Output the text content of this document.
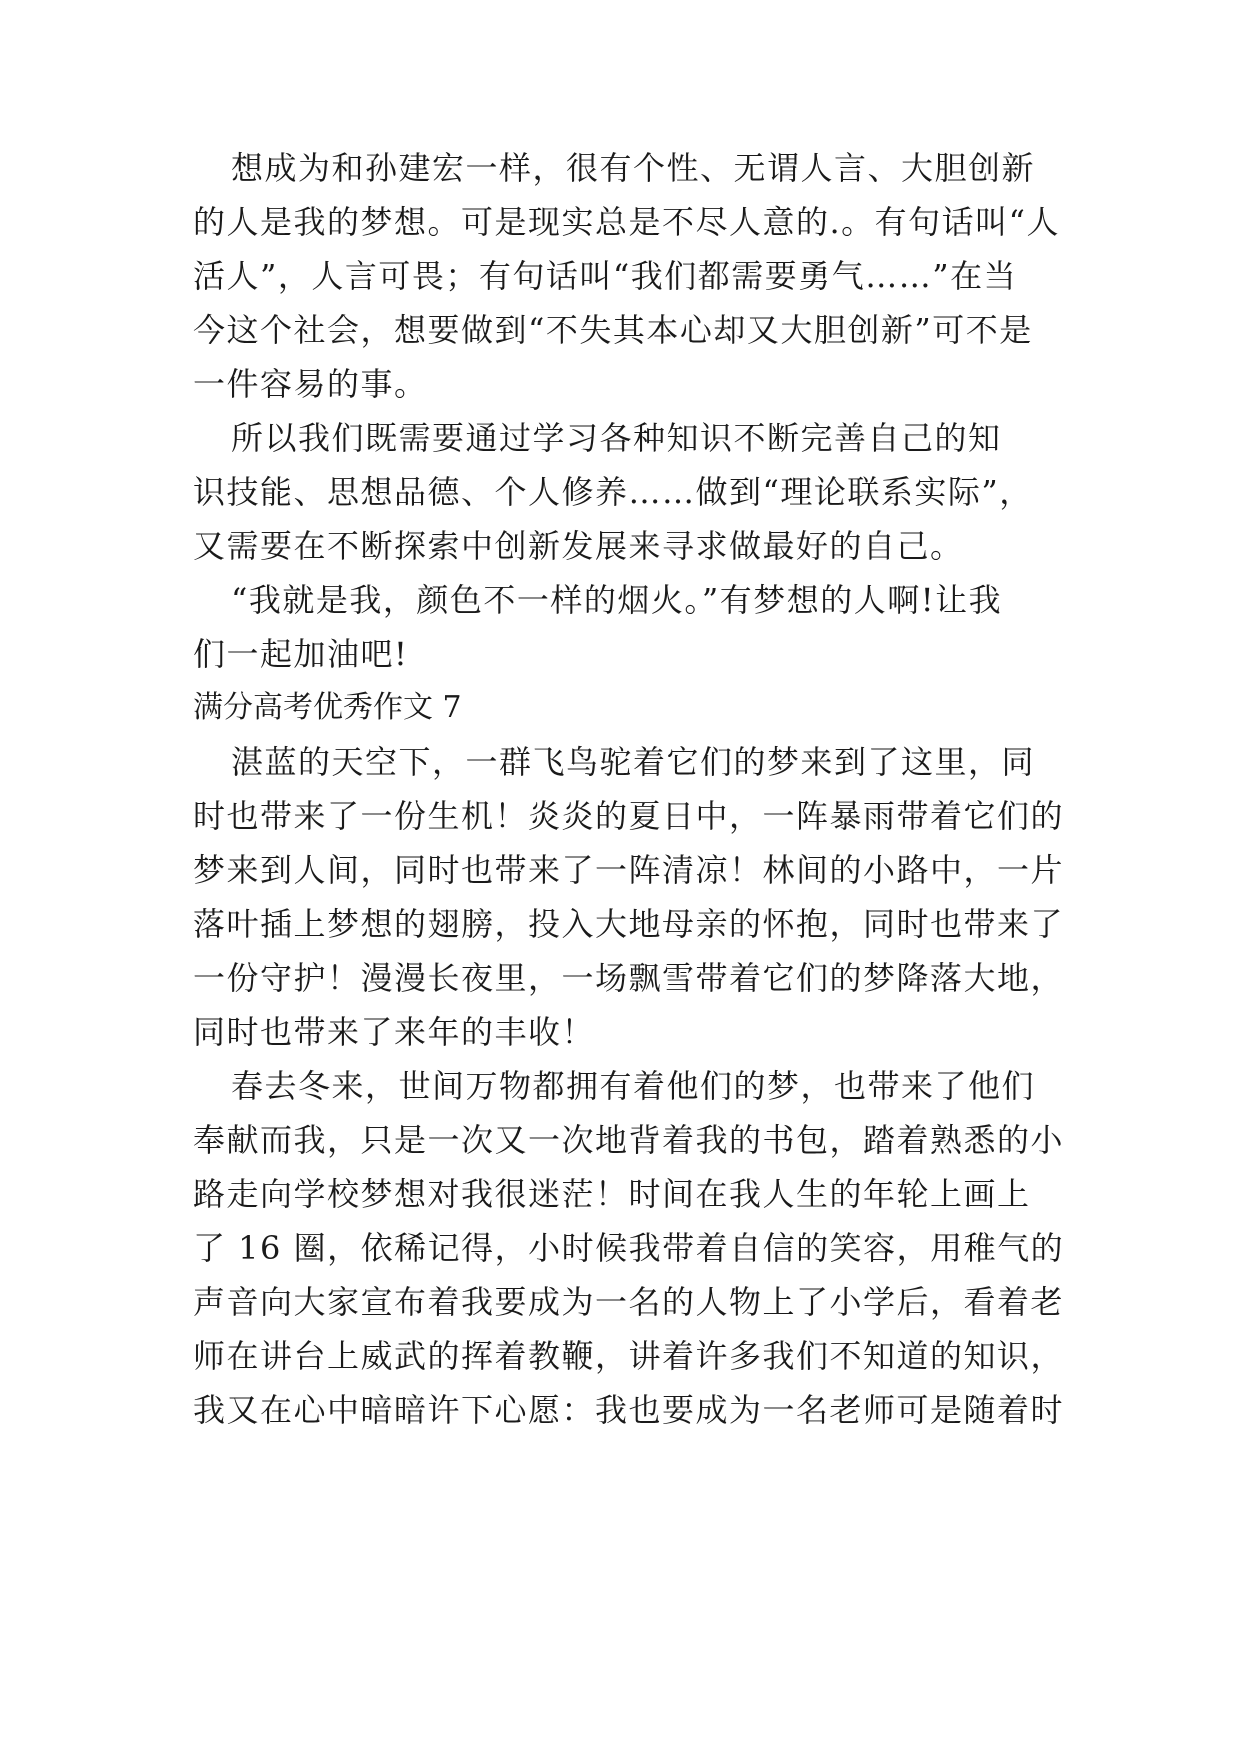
想成为和孙建宏一样，很有个性、无谓人言、大胆创新
的人是我的梦想。可是现实总是不尽人意的.。有句话叫“人
活人”，人言可畏；有句话叫“我们都需要勇气……”在当
今这个社会，想要做到“不失其本心却又大胆创新”可不是
一件容易的事。
所以我们既需要通过学习各种知识不断完善自己的知
识技能、思想品德、个人修养……做到“理论联系实际”，
又需要在不断探索中创新发展来寻求做最好的自己。
“我就是我，颜色不一样的烟火。”有梦想的人啊!让我
们一起加油吧!
满分高考优秀作文 7
湛蓝的天空下，一群飞鸟驼着它们的梦来到了这里，同
时也带来了一份生机！炎炎的夏日中，一阵暴雨带着它们的
梦来到人间，同时也带来了一阵清凉！林间的小路中，一片
落叶插上梦想的翅膀，投入大地母亲的怀抱，同时也带来了
一份守护！漫漫长夜里，一场飘雪带着它们的梦降落大地，
同时也带来了来年的丰收！
春去冬来，世间万物都拥有着他们的梦，也带来了他们
奉献而我，只是一次又一次地背着我的书包，踏着熟悉的小
路走向学校梦想对我很迷茫！时间在我人生的年轮上画上
了 16 圈，依稀记得，小时候我带着自信的笑容，用稚气的
声音向大家宣布着我要成为一名的人物上了小学后，看着老
师在讲台上威武的挥着教鞭，讲着许多我们不知道的知识，
我又在心中暗暗许下心愿：我也要成为一名老师可是随着时
